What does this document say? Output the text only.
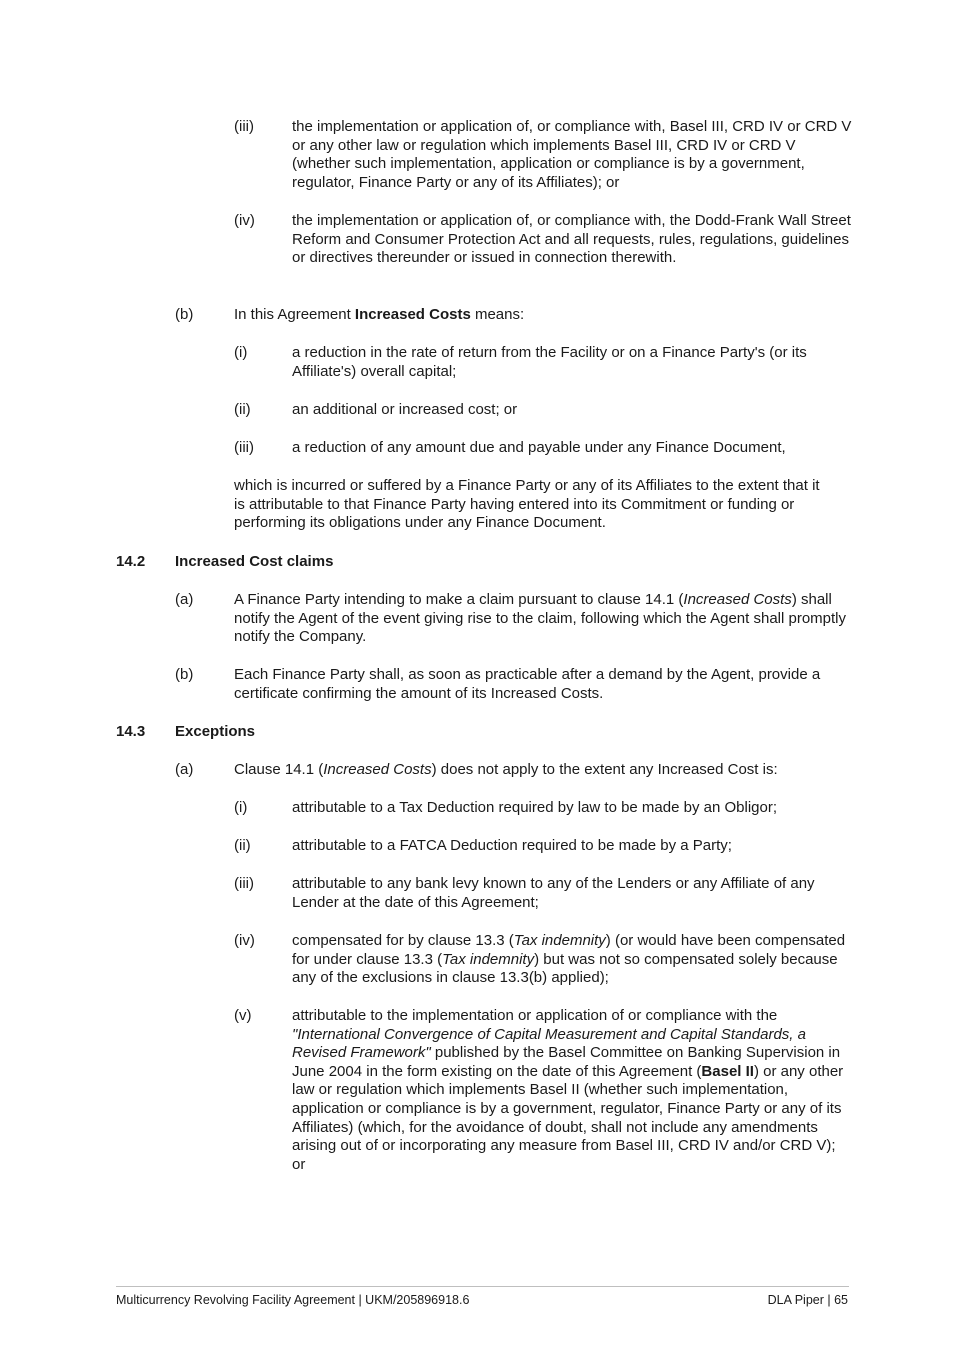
(iii)	the implementation or application of, or compliance with, Basel III, CRD IV or CRD V or any other law or regulation which implements Basel III, CRD IV or CRD V (whether such implementation, application or compliance is by a government, regulator, Finance Party or any of its Affiliates); or
(iv) the implementation or application of, or compliance with, the Dodd-Frank Wall Street Reform and Consumer Protection Act and all requests, rules, regulations, guidelines or directives thereunder or issued in connection therewith.
(b)	In this Agreement Increased Costs means:
(i)	a reduction in the rate of return from the Facility or on a Finance Party's (or its Affiliate's) overall capital;
(ii)	an additional or increased cost; or
(iii)	a reduction of any amount due and payable under any Finance Document,
which is incurred or suffered by a Finance Party or any of its Affiliates to the extent that it is attributable to that Finance Party having entered into its Commitment or funding or performing its obligations under any Finance Document.
14.2 Increased Cost claims
(a)	A Finance Party intending to make a claim pursuant to clause 14.1 (Increased Costs) shall notify the Agent of the event giving rise to the claim, following which the Agent shall promptly notify the Company.
(b)	Each Finance Party shall, as soon as practicable after a demand by the Agent, provide a certificate confirming the amount of its Increased Costs.
14.3 Exceptions
(a)	Clause 14.1 (Increased Costs) does not apply to the extent any Increased Cost is:
(i)	attributable to a Tax Deduction required by law to be made by an Obligor;
(ii)	attributable to a FATCA Deduction required to be made by a Party;
(iii)	attributable to any bank levy known to any of the Lenders or any Affiliate of any Lender at the date of this Agreement;
(iv) compensated for by clause 13.3 (Tax indemnity) (or would have been compensated for under clause 13.3 (Tax indemnity) but was not so compensated solely because any of the exclusions in clause 13.3(b) applied);
(v)	attributable to the implementation or application of or compliance with the "International Convergence of Capital Measurement and Capital Standards, a Revised Framework" published by the Basel Committee on Banking Supervision in June 2004 in the form existing on the date of this Agreement (Basel II) or any other law or regulation which implements Basel II (whether such implementation, application or compliance is by a government, regulator, Finance Party or any of its Affiliates) (which, for the avoidance of doubt, shall not include any amendments arising out of or incorporating any measure from Basel III, CRD IV and/or CRD V); or
Multicurrency Revolving Facility Agreement | UKM/205896918.6	DLA Piper | 65
